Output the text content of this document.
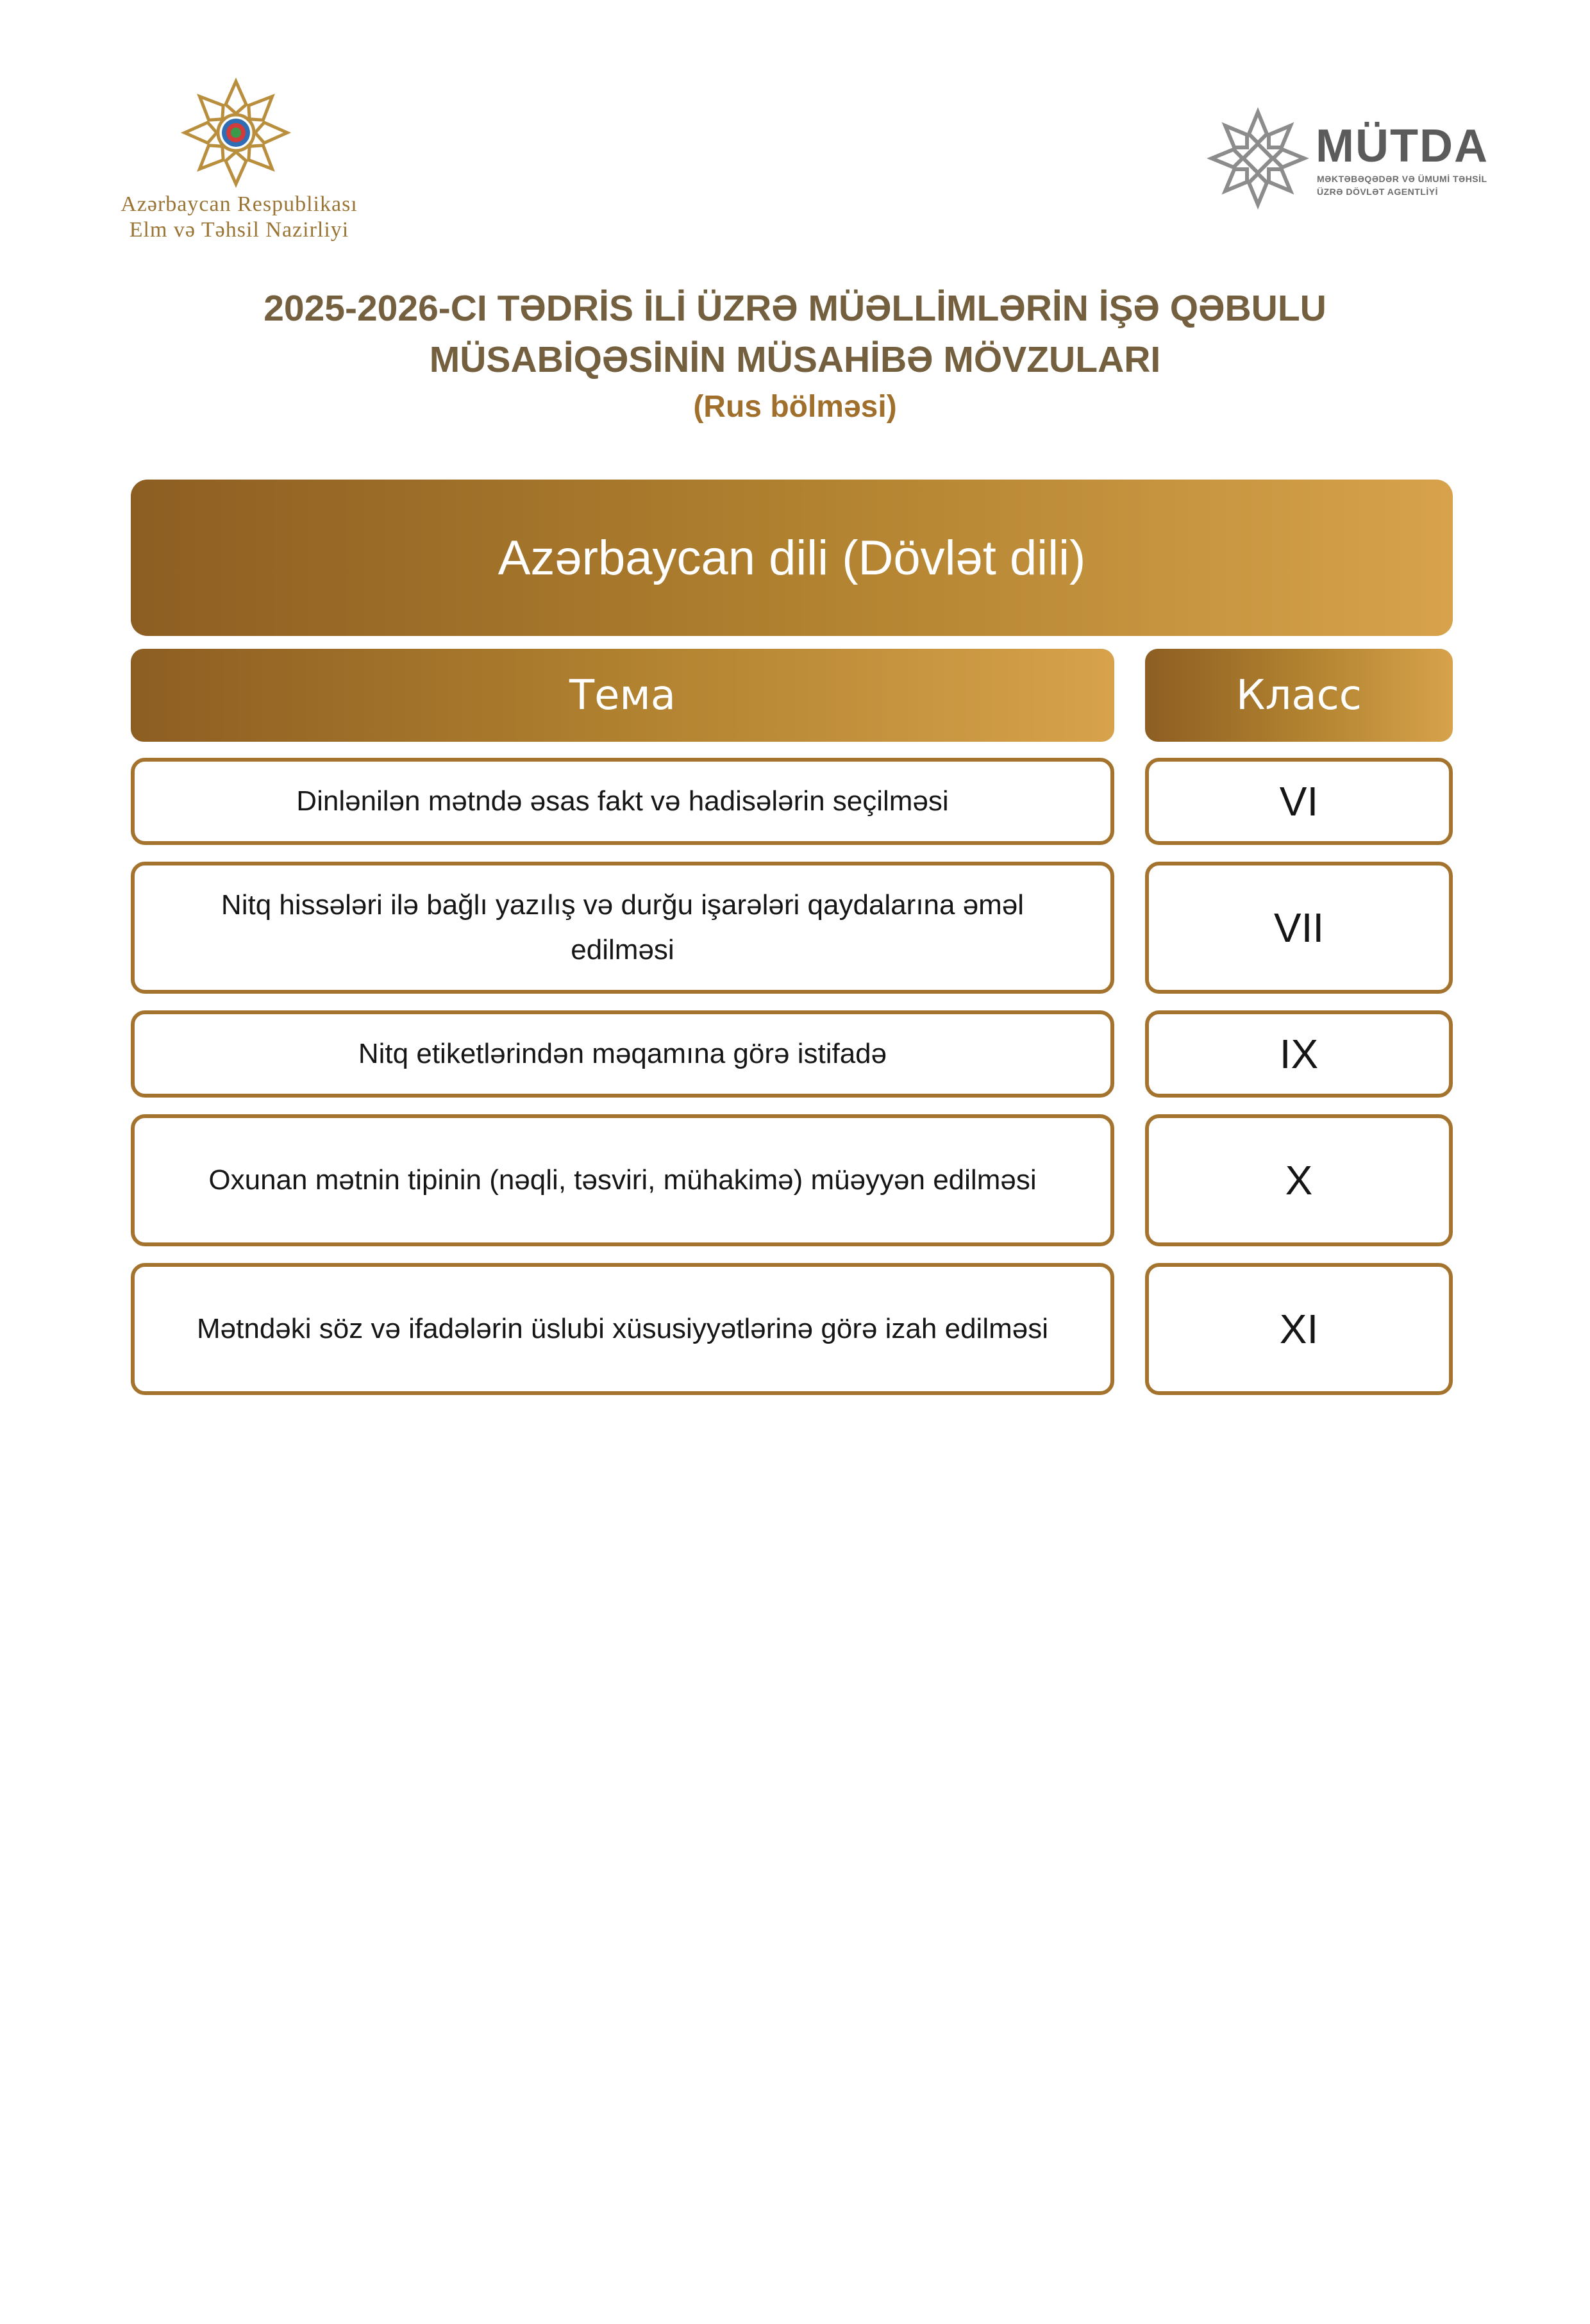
Azərbaycan Respublikası
Elm və Təhsil Nazirliyi
MÜTDA
MƏKTƏBƏQƏDƏR VƏ ÜMUMİ TƏHSİL
ÜZRƏ DÖVLƏT AGENTLİYİ
2025-2026-CI TƏDRİS İLİ ÜZRƏ MÜƏLLİMLƏRİN İŞƏ QƏBULU
MÜSABİQƏSİNİN MÜSAHİBƏ MÖVZULARI
(Rus bölməsi)
Azərbaycan dili (Dövlət dili)
Тема	Класс
Dinlənilən mətndə əsas fakt və hadisələrin seçilməsi	VI
Nitq hissələri ilə bağlı yazılış və durğu işarələri qaydalarına əməl edilməsi	VII
Nitq etiketlərindən məqamına görə istifadə	IX
Oxunan mətnin tipinin (nəqli, təsviri, mühakimə) müəyyən edilməsi	X
Mətndəki söz və ifadələrin üslubi xüsusiyyətlərinə görə izah edilməsi	XI
